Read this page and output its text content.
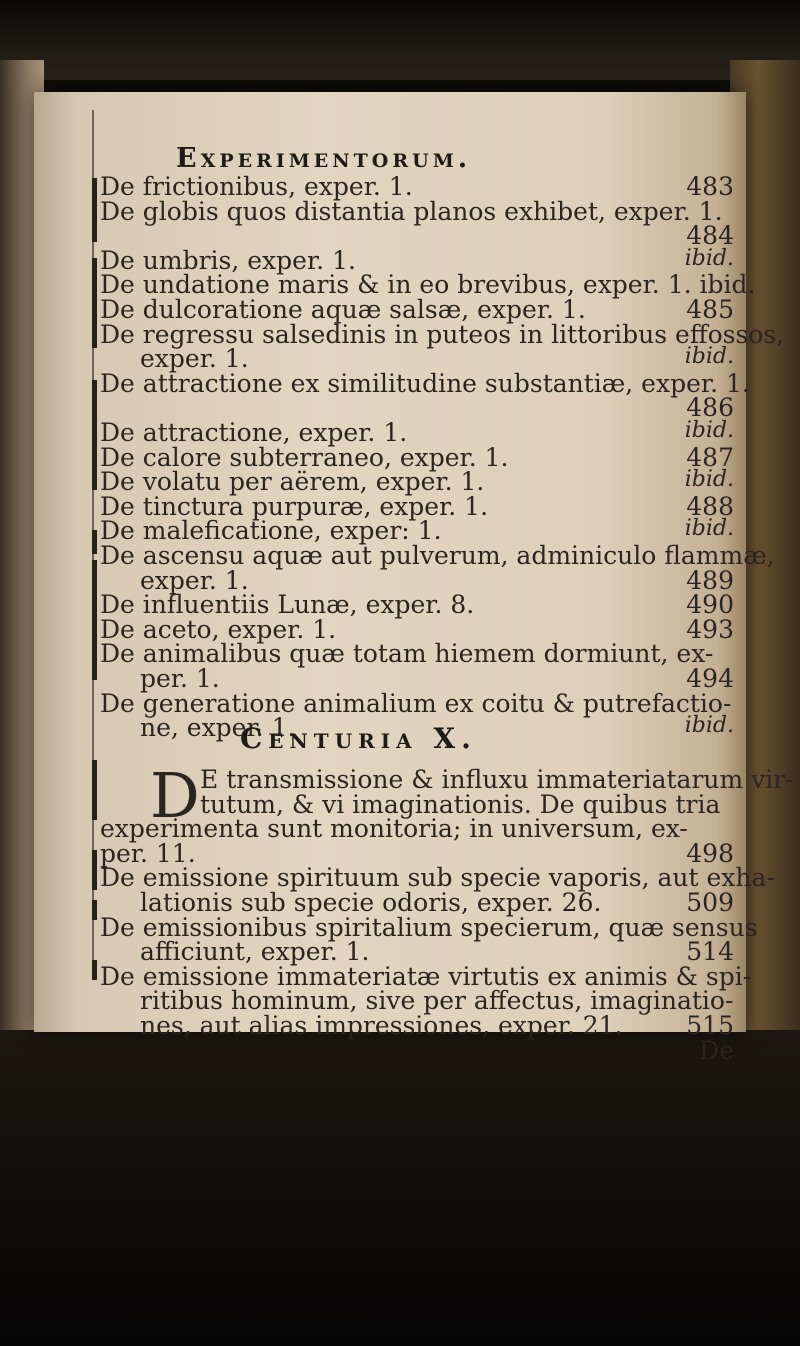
Experimentorum.
De frictionibus, exper. 1.	483
De globis quos distantia planos exhibet, exper. 1.
484
De umbris, exper. 1.	ibid.
De undatione maris & in eo brevibus, exper. 1. ibid.
De dulcoratione aquæ salsæ, exper. 1.	485
De regressu salsedinis in puteos in littoribus effossos,
exper. 1.	ibid.
De attractione ex similitudine substantiæ, exper. 1.
486
De attractione, exper. 1.	ibid.
De calore subterraneo, exper. 1.	487
De volatu per aërem, exper. 1.	ibid.
De tinctura purpuræ, exper. 1.	488
De maleficatione, exper: 1.	ibid.
De ascensu aquæ aut pulverum, adminiculo flammæ,
exper. 1.	489
De influentiis Lunæ, exper. 8.	490
De aceto, exper. 1.	493
De animalibus quæ totam hiemem dormiunt, ex-
per. 1.	494
De generatione animalium ex coitu & putrefactio-
ne, exper. 1.	ibid.
Centuria X.
D E transmissione & influxu immateriatarum vir-
tutum, & vi imaginationis. De quibus tria
experimenta sunt monitoria; in universum, ex-
per. 11.	498
De emissione spirituum sub specie vaporis, aut exha-
lationis sub specie odoris, exper. 26.	509
De emissionibus spiritalium specierum, quæ sensus
afficiunt, exper. 1.	514
De emissione immateriatæ virtutis ex animis & spi-
ritibus hominum, sive per affectus, imaginatio-
nes, aut alias impressiones, exper. 21.	515
De
